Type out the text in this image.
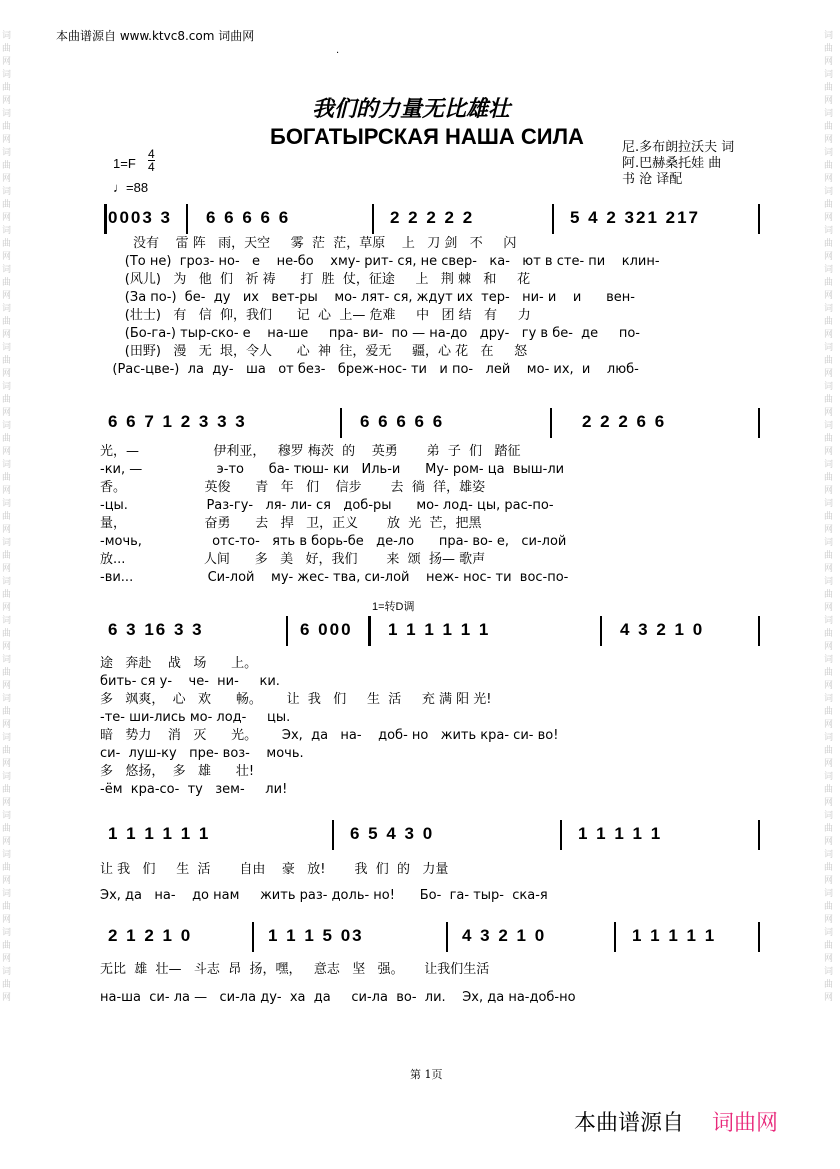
词曲网词曲网词曲网词曲网词曲网词曲网词曲网词曲网词曲网词曲网词曲网词曲网词曲网词曲网词曲网词曲网词曲网词曲网词曲网词曲网词曲网词曲网词曲网词曲网词曲网
词曲网词曲网词曲网词曲网词曲网词曲网词曲网词曲网词曲网词曲网词曲网词曲网词曲网词曲网词曲网词曲网词曲网词曲网词曲网词曲网词曲网词曲网词曲网词曲网词曲网
本曲谱源自 www.ktvc8.com 词曲网
.
我们的力量无比雄壮
БОГАТЫРСКАЯ НАША СИЛА	尼.多布朗拉沃夫 词
阿.巴赫桑托娃 曲
书 沧 译配
$1=F \frac{4}{4}$
♩=88
0003 3 6 6 6 6 6	2 2 2 2 2	5 4 2 321 217
没有    雷 阵   雨，天空     雾  茫  茫，草原    上   刀 剑   不     闪
(То не)  гроз- но-   е    не-бо    хму- рит- ся, не свер-   ка-   ют в сте- пи    клин-
(风儿)   为   他  们   祈 祷      打  胜  仗，征途     上   荆 棘   和     花
(За по-)  бе-  ду   их   вет-ры    мо- лят- ся, ждут их  тер-   ни- и    и      вен-
(壮士)   有   信  仰，我们      记  心  上— 危难     中   团 结   有     力
(Бо-га-) тыр-ско- е    на-ше     пра- ви-  по — на-до   дру-   гу в бе-  де     по-
(田野)   漫   无  垠，令人      心  神  往，爱无     疆，心 花   在     怒
(Рас-цве-)  ла  ду-   ша   от без-   бреж-нос- ти   и по-   лей    мо- их,  и    люб-
6 6 7 1 2 3 3 3	6 6 6 6 6	2 2 2 6 6
光，—                  伊利亚，   穆罗 梅茨  的    英勇       弟  子  们   踏征
-ки, —                  э-то      ба- тюш- ки   Иль-и      Му- ром- ца  выш-ли
香。                   英俊      青   年   们    信步       去  徜  徉，雄姿
-цы.                   Раз-гу-   ля- ли- ся   доб-ры      мо- лод- цы, рас-по-
量，                   奋勇      去   捍   卫，正义       放  光  芒，把黑
-мочь,                 отс-то-   ять в борь-бе   де-ло      пра- во- е,   си-лой
放...                   人间      多   美   好，我们       来  颂  扬— 歌声
-ви...                  Си-лой    му- жес- тва, си-лой    неж- нос- ти  вос-по-
1=转D调
6 3 16 3 3	6 000 1 1 1 1 1 1	4 3 2 1 0
途   奔赴    战   场      上。
бить- ся у-    че-  ни-     ки.
多   飒爽，  心   欢      畅。      让  我   们     生  活     充 满 阳 光!
-те- ши-лись мо- лод-     цы.
暗   势力    消   灭      光。      Эх,  да   на-    доб- но   жить кра- си- во!
си-  луш-ку   пре- воз-    мочь.
多   悠扬，  多   雄      壮!
-ём  кра-со-  ту   зем-     ли!
1 1 1 1 1 1	6 5 4 3 0	1 1 1 1 1
让 我   们     生  活       自由    豪   放!       我  们  的   力量
Эх, да   на-    до нам     жить раз- доль- но!      Бо-  га- тыр-  ска-я
2 1 2 1 0	1 1 1 5 03	4 3 2 1 0	1 1 1 1 1
无比  雄  壮—   斗志  昂  扬，嘿，   意志   坚   强。     让我们生活
на-ша  си- ла —   си-ла ду-  ха  да     си-ла  во-  ли.    Эх, да на-доб-но
第 1页
本曲谱源自 词曲网
